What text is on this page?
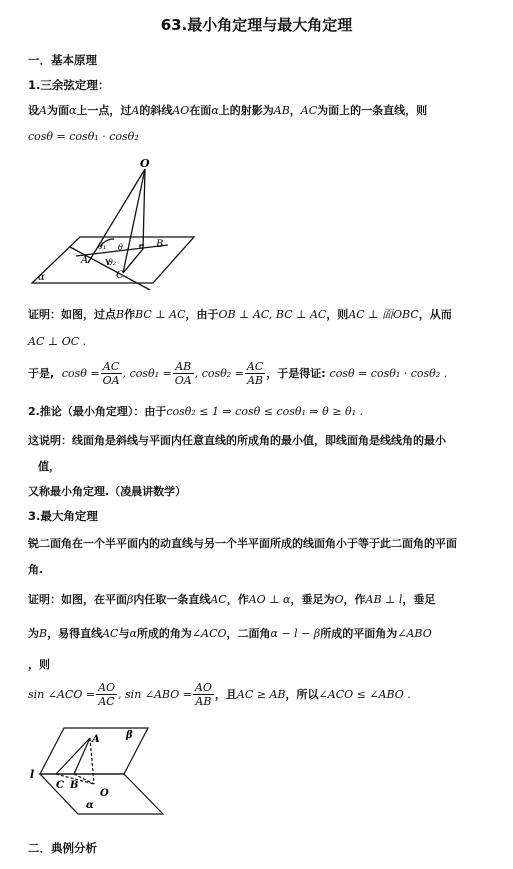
63.最小角定理与最大角定理
一．基本原理
1.三余弦定理：
设A为面α上一点，过A的斜线AO在面α上的射影为AB，AC为面上的一条直线，则
cosθ = cosθ₁ · cosθ₂
O
B
A
C
α
θ₁ θ
θ₂
证明：如图，过点B作BC ⊥ AC，由于OB ⊥ AC, BC ⊥ AC，则AC ⊥ 面OBC，从而
AC ⊥ OC .
于是,
$\cos\theta = \frac{AC}{OA}$ , $\cos\theta_1 = \frac{AB}{OA}$ , $\cos\theta_2 = \frac{AC}{AB}$ ，于是得证:
cosθ = cosθ₁ · cosθ₂ .
2.推论（最小角定理）：由于cosθ₂ ≤ 1 ⇒ cosθ ≤ cosθ₁ ⇒ θ ≥ θ₁ .
这说明：线面角是斜线与平面内任意直线的所成角的最小值，即线面角是线线角的最小
值，
又称最小角定理.（凌晨讲数学）
3.最大角定理
锐二面角在一个半平面内的动直线与另一个半平面所成的线面角小于等于此二面角的平面
角.
证明：如图，在平面β内任取一条直线AC，作AO ⊥ α，垂足为O，作AB ⊥ l，垂足
为B，易得直线AC与α所成的角为∠ACO，二面角α − l − β所成的平面角为∠ABO
，则
sin ∠ACO = $\frac{AO}{AC}$ , sin ∠ABO = $\frac{AO}{AB}$ ，且 AC ≥ AB ，所以 ∠ACO ≤ ∠ABO .
A	β
l
C B
O
α
二．典例分析
